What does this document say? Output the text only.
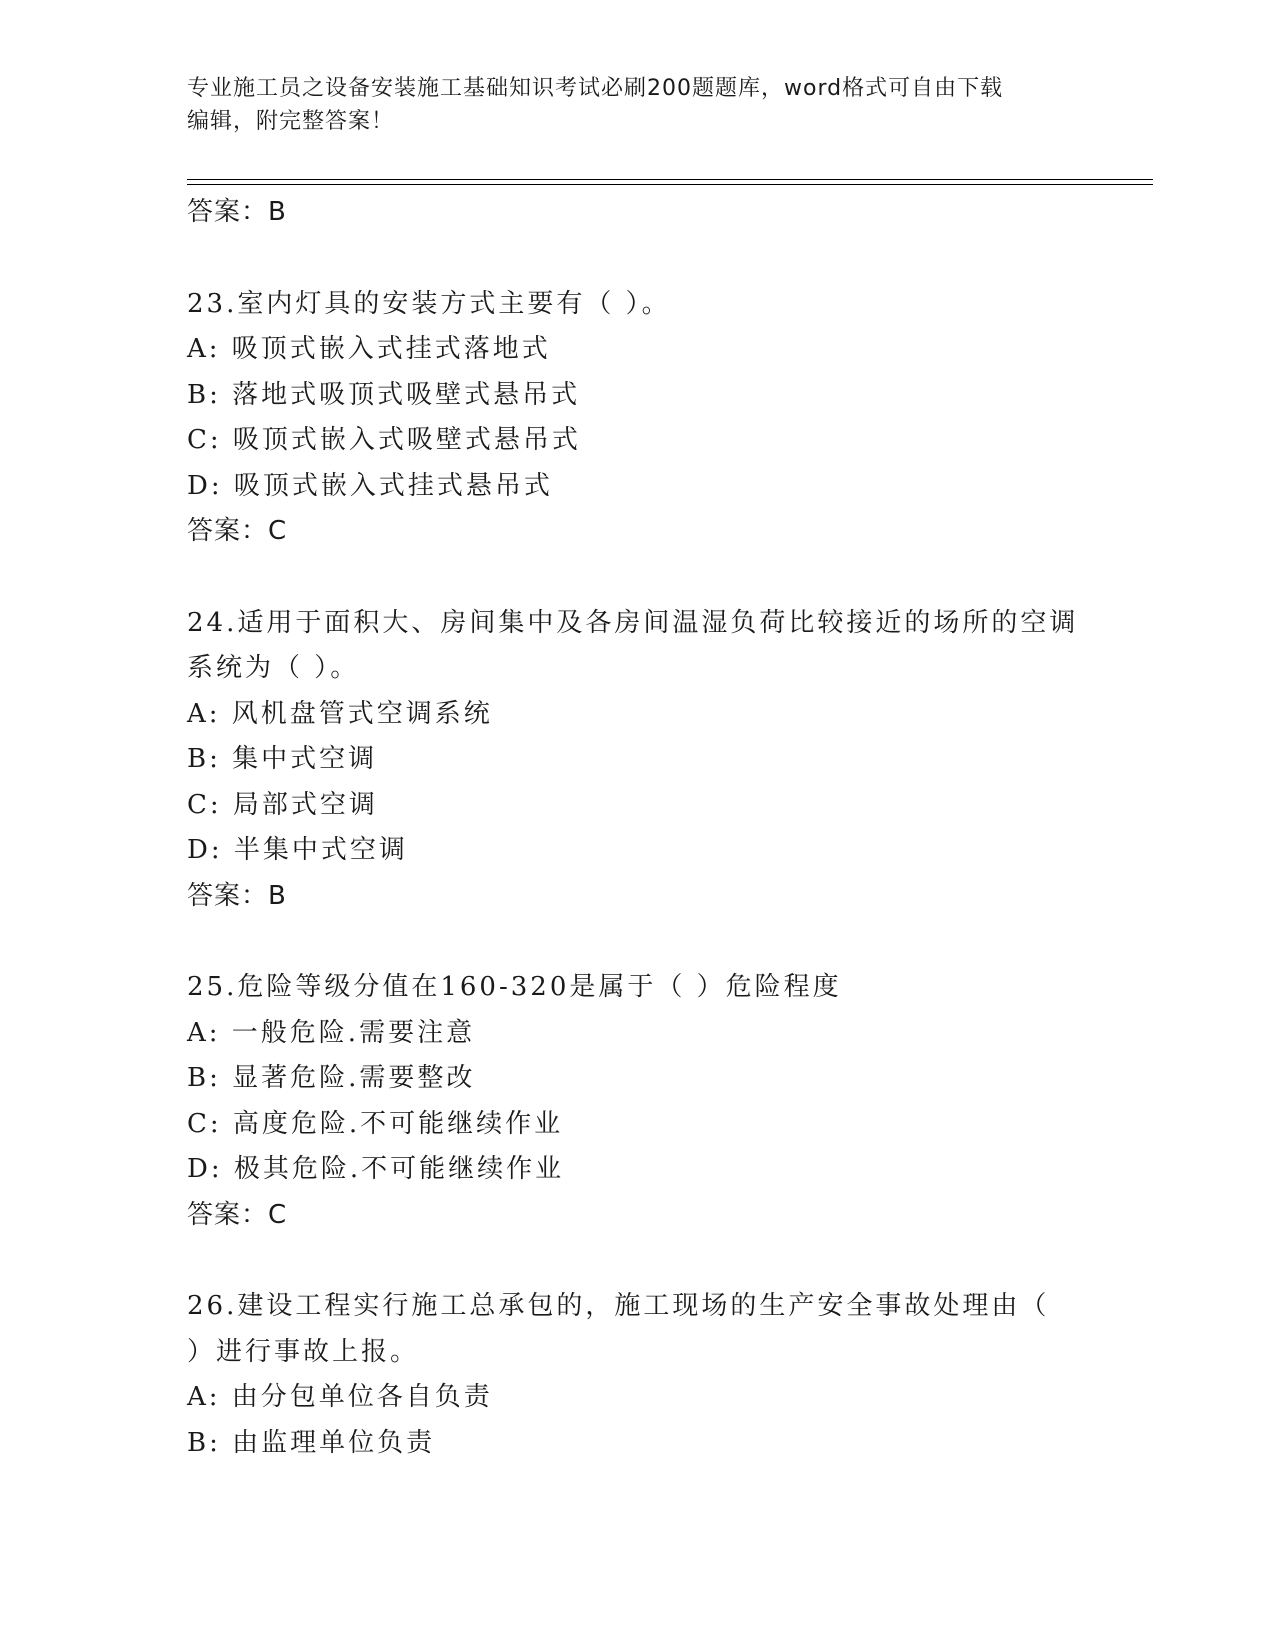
专业施工员之设备安装施工基础知识考试必刷200题题库，word格式可自由下载
编辑，附完整答案！
答案：B
23.室内灯具的安装方式主要有（ ）。
A: 吸顶式嵌入式挂式落地式
B: 落地式吸顶式吸壁式悬吊式
C: 吸顶式嵌入式吸壁式悬吊式
D: 吸顶式嵌入式挂式悬吊式
答案：C
24.适用于面积大、房间集中及各房间温湿负荷比较接近的场所的空调
系统为（ ）。
A: 风机盘管式空调系统
B: 集中式空调
C: 局部式空调
D: 半集中式空调
答案：B
25.危险等级分值在160-320是属于（ ）危险程度
A: 一般危险.需要注意
B: 显著危险.需要整改
C: 高度危险.不可能继续作业
D: 极其危险.不可能继续作业
答案：C
26.建设工程实行施工总承包的，施工现场的生产安全事故处理由（
）进行事故上报。
A: 由分包单位各自负责
B: 由监理单位负责
